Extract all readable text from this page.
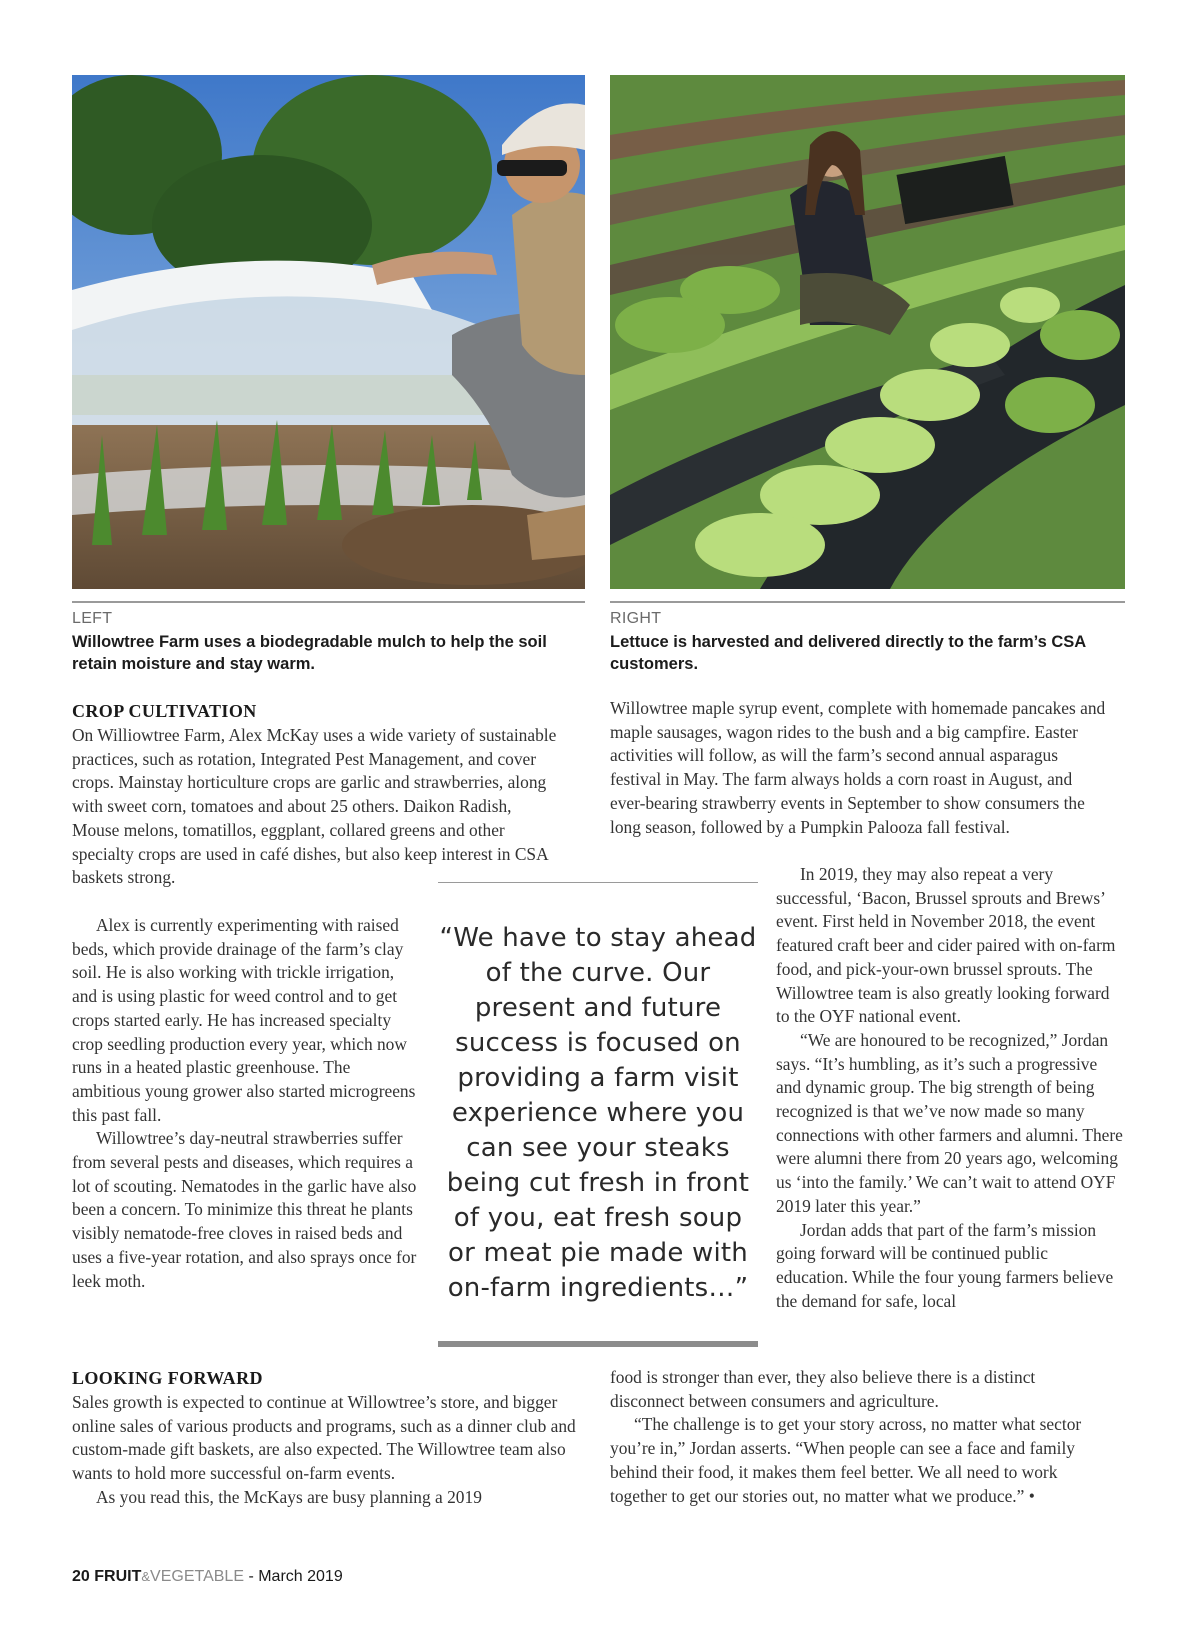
LEFT
Willowtree Farm uses a biodegradable mulch to help the soil retain moisture and stay warm.
RIGHT
Lettuce is harvested and delivered directly to the farm’s CSA customers.
CROP CULTIVATION

On Williowtree Farm, Alex McKay uses a wide variety of sustainable practices, such as rotation, Integrated Pest Management, and cover crops. Mainstay horticulture crops are garlic and strawberries, along with sweet corn, tomatoes and about 25 others. Daikon Radish, Mouse melons, tomatillos, eggplant, collared greens and other specialty crops are used in café dishes, but also keep interest in CSA baskets strong.

Alex is currently experimenting with raised beds, which provide drainage of the farm’s clay soil. He is also working with trickle irrigation, and is using plastic for weed control and to get crops started early. He has increased specialty crop seedling production every year, which now runs in a heated plastic greenhouse. The ambitious young grower also started microgreens this past fall.

Willowtree’s day-neutral strawberries suffer from several pests and diseases, which requires a lot of scouting. Nematodes in the garlic have also been a concern. To minimize this threat he plants visibly nematode-free cloves in raised beds and uses a five-year rotation, and also sprays once for leek moth.

LOOKING FORWARD

Sales growth is expected to continue at Willowtree’s store, and bigger online sales of various products and programs, such as a dinner club and custom-made gift baskets, are also expected. The Willowtree team also wants to hold more successful on-farm events.

As you read this, the McKays are busy planning a 2019

Willowtree maple syrup event, complete with homemade pancakes and maple sausages, wagon rides to the bush and a big campfire. Easter activities will follow, as will the farm’s second annual asparagus festival in May. The farm always holds a corn roast in August, and ever-bearing strawberry events in September to show consumers the long season, followed by a Pumpkin Palooza fall festival.

In 2019, they may also repeat a very successful, ‘Bacon, Brussel sprouts and Brews’ event. First held in November 2018, the event featured craft beer and cider paired with on-farm food, and pick-your-own brussel sprouts. The Willowtree team is also greatly looking forward to the OYF national event.

“We are honoured to be recognized,” Jordan says. “It’s humbling, as it’s such a progressive and dynamic group. The big strength of being recognized is that we’ve now made so many connections with other farmers and alumni. There were alumni there from 20 years ago, welcoming us ‘into the family.’ We can’t wait to attend OYF 2019 later this year.”

Jordan adds that part of the farm’s mission going forward will be continued public education. While the four young farmers believe the demand for safe, local

food is stronger than ever, they also believe there is a distinct disconnect between consumers and agriculture.

“The challenge is to get your story across, no matter what sector you’re in,” Jordan asserts. “When people can see a face and family behind their food, it makes them feel better. We all need to work together to get our stories out, no matter what we produce.” •

“We have to stay ahead of the curve. Our present and future success is focused on providing a farm visit experience where you can see your steaks being cut fresh in front of you, eat fresh soup or meat pie made with on-farm ingredients…”
20 FRUIT&VEGETABLE - March 2019
